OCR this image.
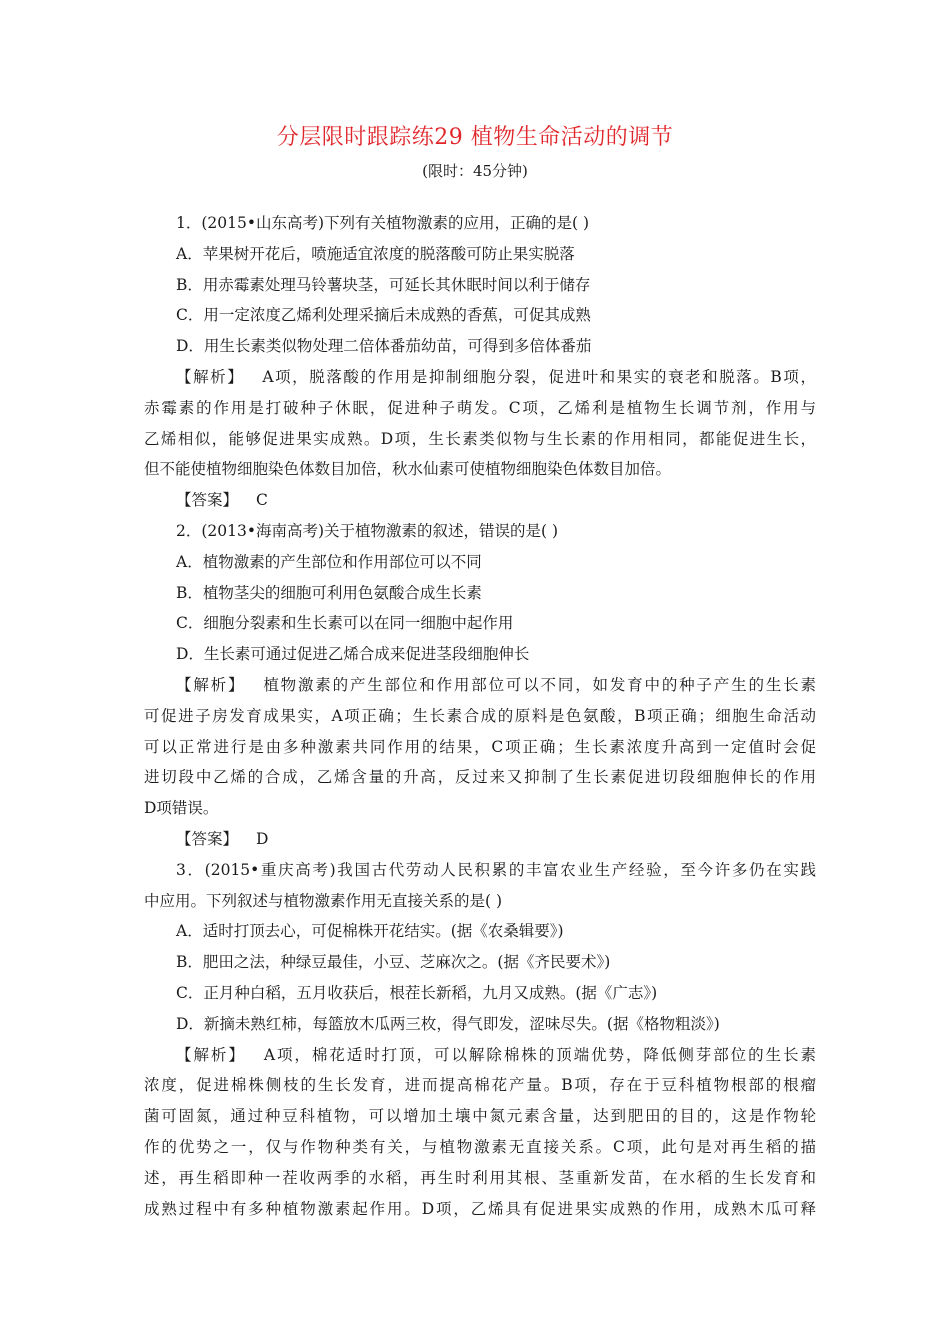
分层限时跟踪练29 植物生命活动的调节
(限时：45分钟)
1．(2015•山东高考)下列有关植物激素的应用，正确的是( )
A．苹果树开花后，喷施适宜浓度的脱落酸可防止果实脱落
B．用赤霉素处理马铃薯块茎，可延长其休眠时间以利于储存
C．用一定浓度乙烯利处理采摘后未成熟的香蕉，可促其成熟
D．用生长素类似物处理二倍体番茄幼苗，可得到多倍体番茄
【解析】 A项，脱落酸的作用是抑制细胞分裂，促进叶和果实的衰老和脱落。B项，
赤霉素的作用是打破种子休眠，促进种子萌发。C项，乙烯利是植物生长调节剂，作用与
乙烯相似，能够促进果实成熟。D项，生长素类似物与生长素的作用相同，都能促进生长，
但不能使植物细胞染色体数目加倍，秋水仙素可使植物细胞染色体数目加倍。
【答案】 C
2．(2013•海南高考)关于植物激素的叙述，错误的是( )
A．植物激素的产生部位和作用部位可以不同
B．植物茎尖的细胞可利用色氨酸合成生长素
C．细胞分裂素和生长素可以在同一细胞中起作用
D．生长素可通过促进乙烯合成来促进茎段细胞伸长
【解析】 植物激素的产生部位和作用部位可以不同，如发育中的种子产生的生长素
可促进子房发育成果实，A项正确；生长素合成的原料是色氨酸，B项正确；细胞生命活动
可以正常进行是由多种激素共同作用的结果，C项正确；生长素浓度升高到一定值时会促
进切段中乙烯的合成，乙烯含量的升高，反过来又抑制了生长素促进切段细胞伸长的作用
D项错误。
【答案】 D
3．(2015•重庆高考)我国古代劳动人民积累的丰富农业生产经验，至今许多仍在实践
中应用。下列叙述与植物激素作用无直接关系的是( )
A．适时打顶去心，可促棉株开花结实。(据《农桑辑要》)
B．肥田之法，种绿豆最佳，小豆、芝麻次之。(据《齐民要术》)
C．正月种白稻，五月收获后，根茬长新稻，九月又成熟。(据《广志》)
D．新摘未熟红柿，每篮放木瓜两三枚，得气即发，涩味尽失。(据《格物粗淡》)
【解析】 A项，棉花适时打顶，可以解除棉株的顶端优势，降低侧芽部位的生长素
浓度，促进棉株侧枝的生长发育，进而提高棉花产量。B项，存在于豆科植物根部的根瘤
菌可固氮，通过种豆科植物，可以增加土壤中氮元素含量，达到肥田的目的，这是作物轮
作的优势之一，仅与作物种类有关，与植物激素无直接关系。C项，此句是对再生稻的描
述，再生稻即种一茬收两季的水稻，再生时利用其根、茎重新发苗，在水稻的生长发育和
成熟过程中有多种植物激素起作用。D项，乙烯具有促进果实成熟的作用，成熟木瓜可释
